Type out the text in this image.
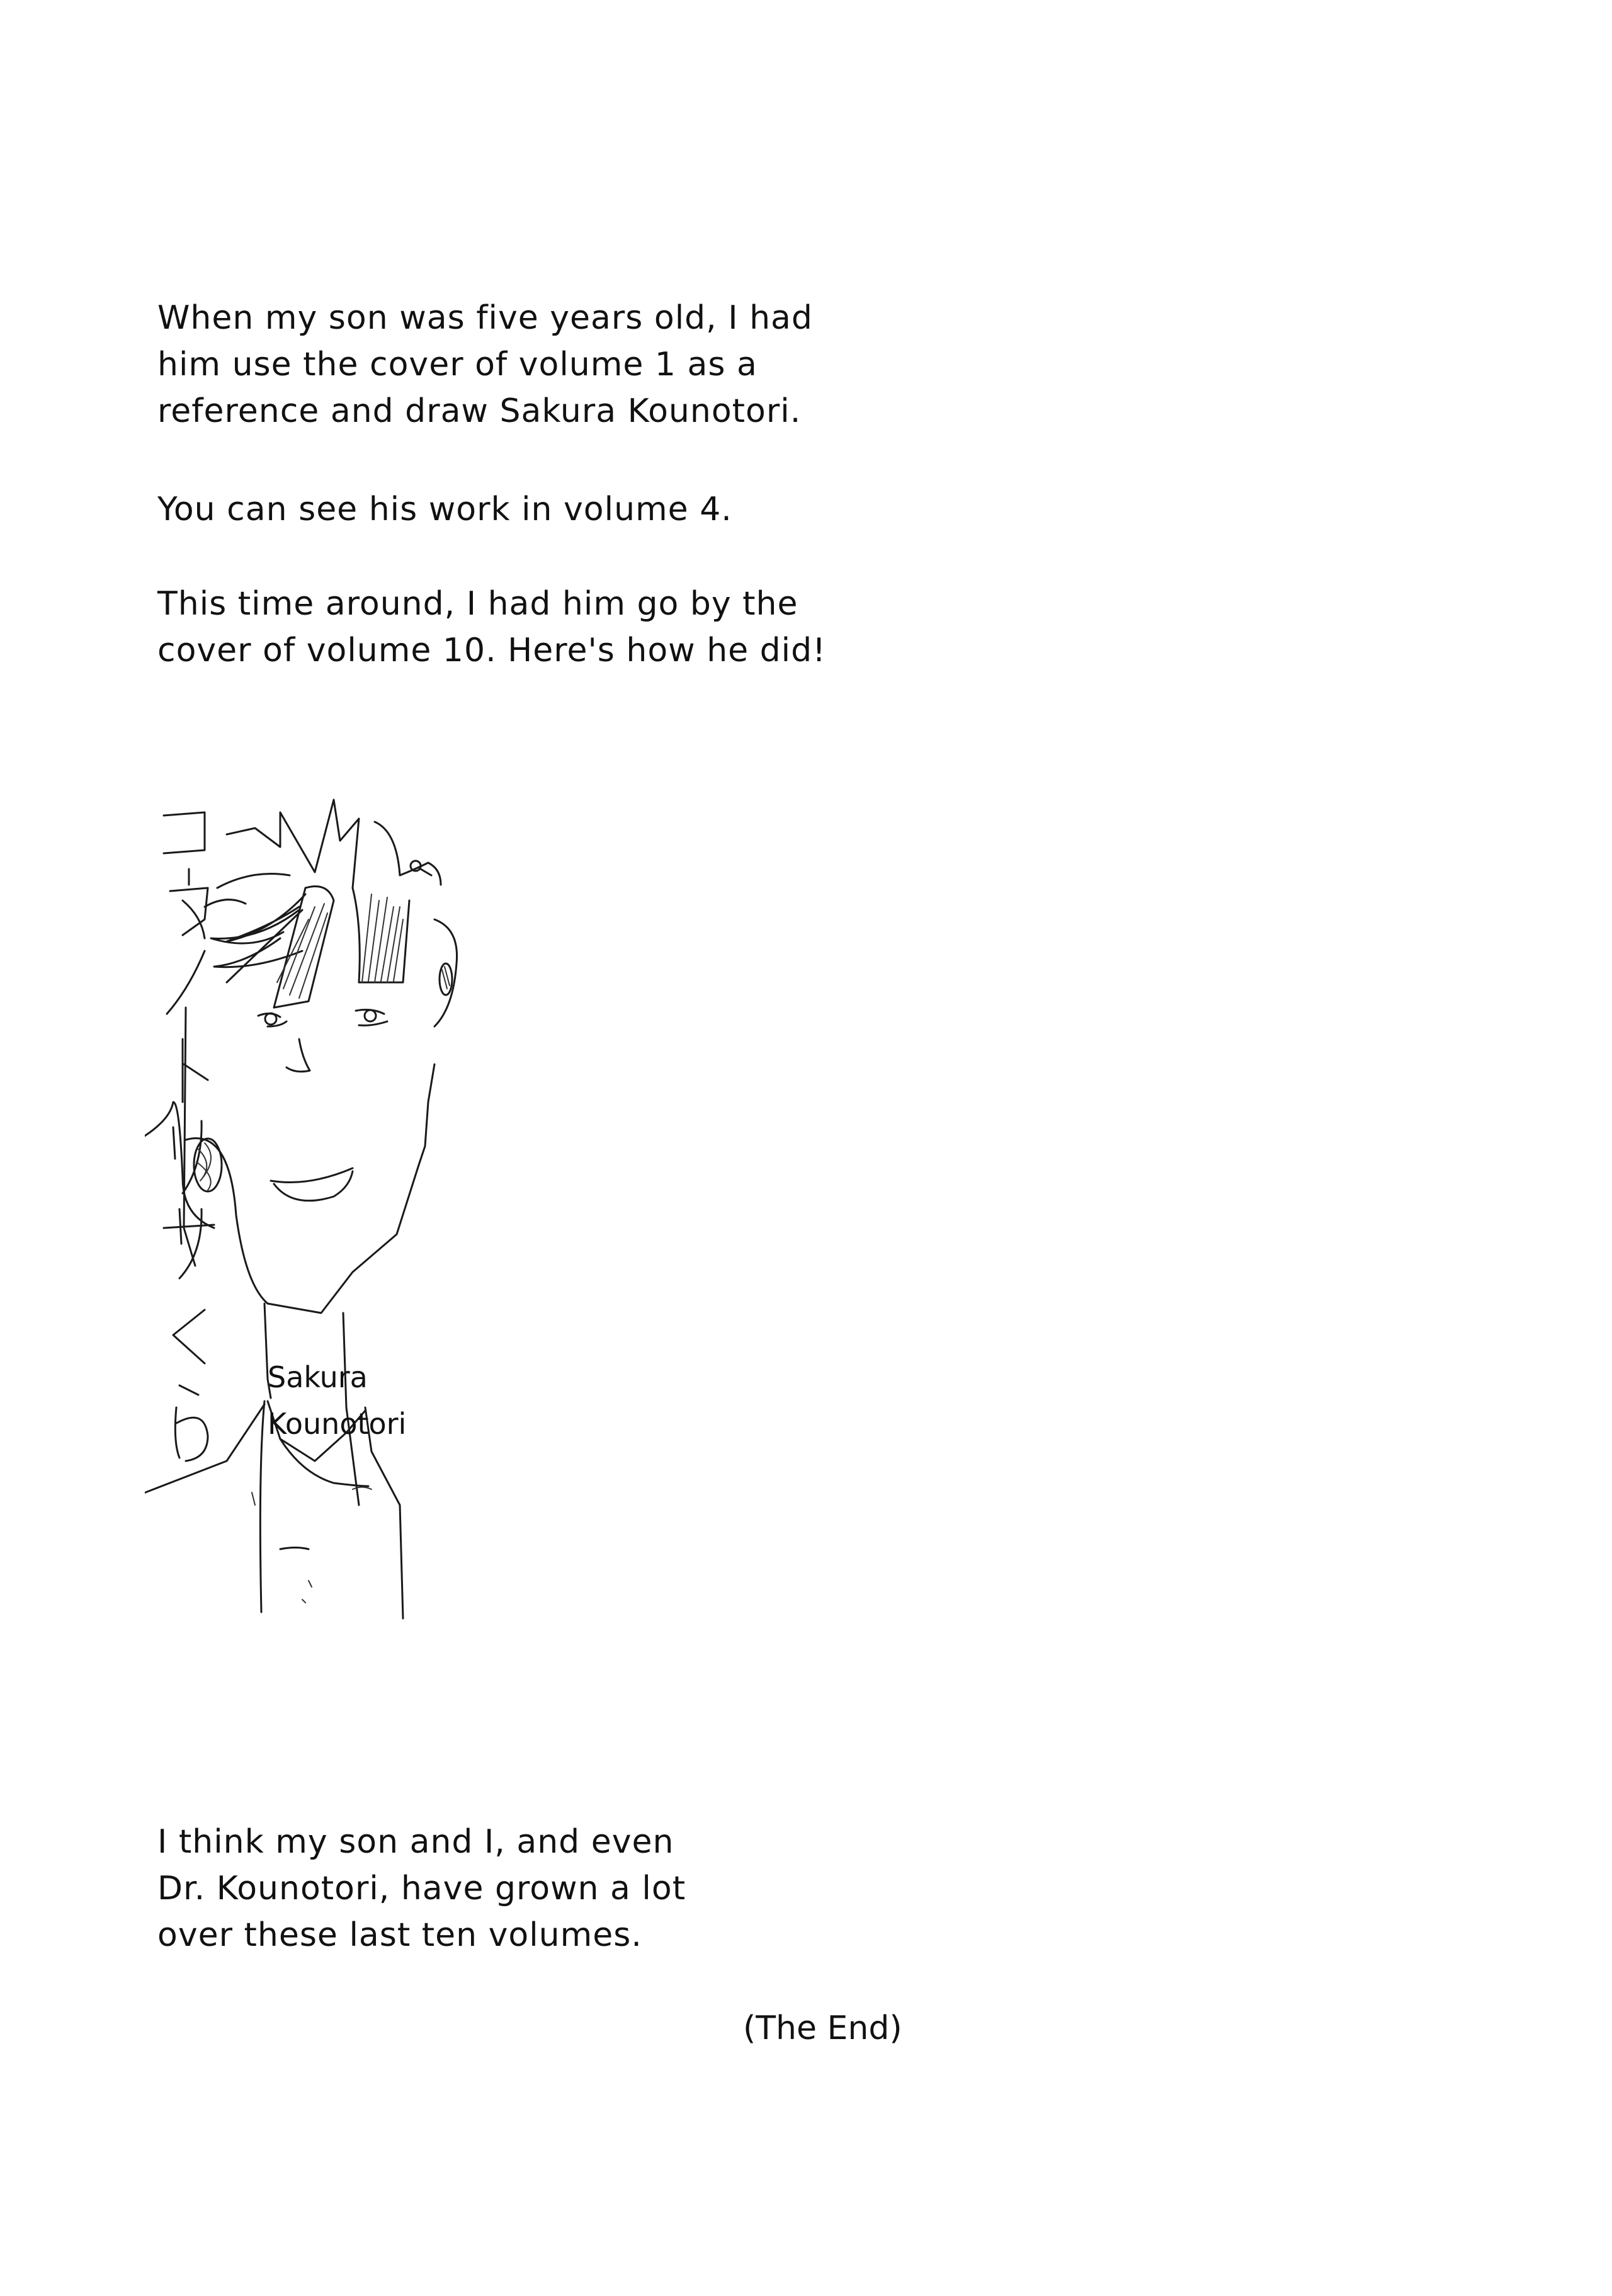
When my son was five years old, I had
him use the cover of volume 1 as a
reference and draw Sakura Kounotori.

You can see his work in volume 4.

This time around, I had him go by the
cover of volume 10. Here's how he did!

Sakura
Kounotori

I think my son and I, and even
Dr. Kounotori, have grown a lot
over these last ten volumes.

(The End)
